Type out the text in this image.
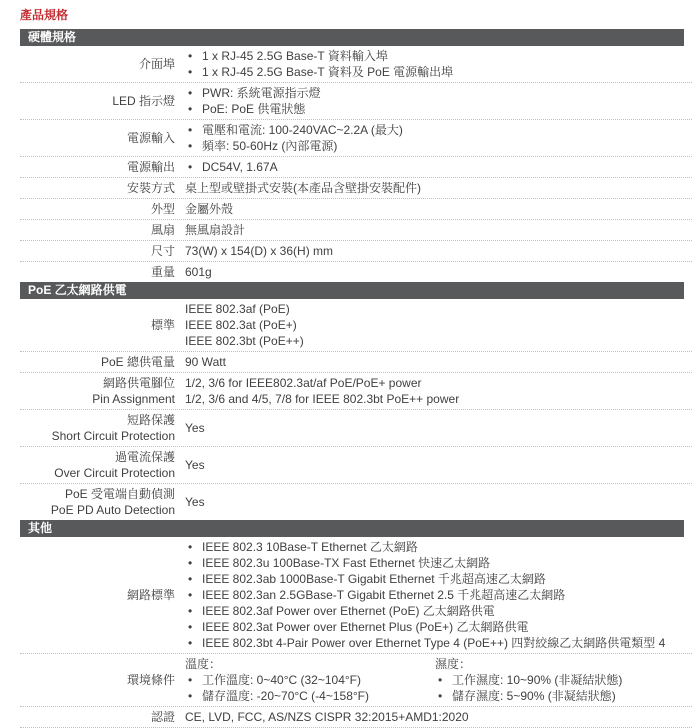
產品規格
硬體規格
介面埠
• 1 x RJ-45 2.5G Base-T 資料輸入埠
• 1 x RJ-45 2.5G Base-T 資料及 PoE 電源輸出埠
LED 指示燈
• PWR: 系統電源指示燈
• PoE: PoE 供電狀態
電源輸入
• 電壓和電流: 100-240VAC~2.2A (最大)
• 頻率: 50-60Hz (內部電源)
電源輸出 • DC54V, 1.67A
安裝方式 桌上型或壁掛式安裝(本產品含壁掛安裝配件)
外型 金屬外殼
風扇 無風扇設計
尺寸 73(W) x 154(D) x 36(H) mm
重量 601g
PoE 乙太網路供電
標準
IEEE 802.3af (PoE)
IEEE 802.3at (PoE+)
IEEE 802.3bt (PoE++)
PoE 總供電量 90 Watt
網路供電腳位
Pin Assignment
1/2, 3/6 for IEEE802.3at/af PoE/PoE+ power
1/2, 3/6 and 4/5, 7/8 for IEEE 802.3bt PoE++ power
短路保護
Short Circuit Protection
Yes
過電流保護
Over Circuit Protection
Yes
PoE 受電端自動偵測
PoE PD Auto Detection
Yes
其他
網路標準
• IEEE 802.3 10Base-T Ethernet 乙太網路
• IEEE 802.3u 100Base-TX Fast Ethernet 快速乙太網路
• IEEE 802.3ab 1000Base-T Gigabit Ethernet 千兆超高速乙太網路
• IEEE 802.3an 2.5GBase-T Gigabit Ethernet 2.5 千兆超高速乙太網路
• IEEE 802.3af Power over Ethernet (PoE) 乙太網路供電
• IEEE 802.3at Power over Ethernet Plus (PoE+) 乙太網路供電
• IEEE 802.3bt 4-Pair Power over Ethernet Type 4 (PoE++) 四對絞線乙太網路供電類型 4
環境條件
溫度：
• 工作溫度: 0~40°C (32~104°F)
• 儲存溫度: -20~70°C (-4~158°F)
濕度：
• 工作濕度: 10~90% (非凝結狀態)
• 儲存濕度: 5~90% (非凝結狀態)
認證 CE, LVD, FCC, AS/NZS CISPR 32:2015+AMD1:2020
